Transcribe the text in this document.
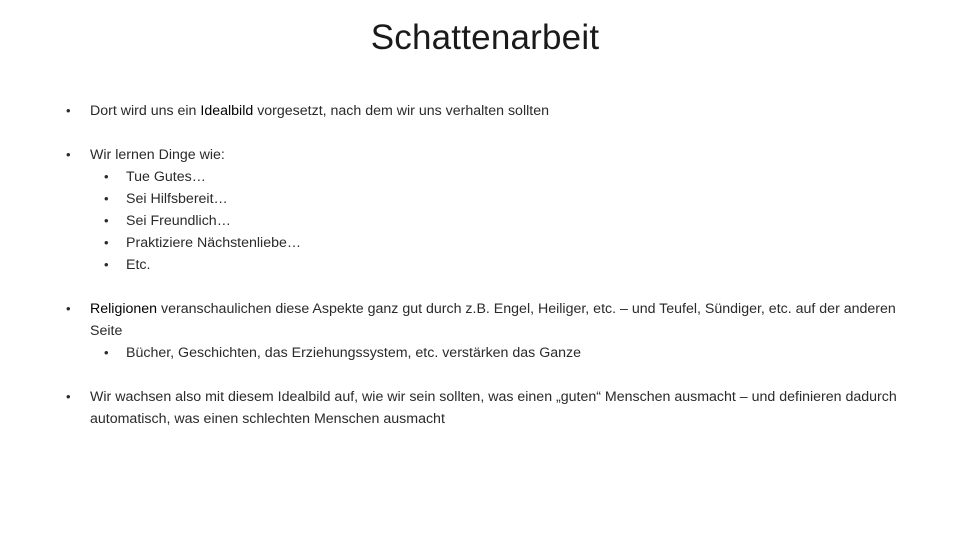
Schattenarbeit
• Dort wird uns ein Idealbild vorgesetzt, nach dem wir uns verhalten sollten
• Wir lernen Dinge wie:
• Tue Gutes…
• Sei Hilfsbereit…
• Sei Freundlich…
• Praktiziere Nächstenliebe…
• Etc.
• Religionen veranschaulichen diese Aspekte ganz gut durch z.B. Engel, Heiliger, etc. – und Teufel, Sündiger, etc. auf der anderen Seite
• Bücher, Geschichten, das Erziehungssystem, etc. verstärken das Ganze
• Wir wachsen also mit diesem Idealbild auf, wie wir sein sollten, was einen „guten“ Menschen ausmacht – und definieren dadurch automatisch, was einen schlechten Menschen ausmacht
